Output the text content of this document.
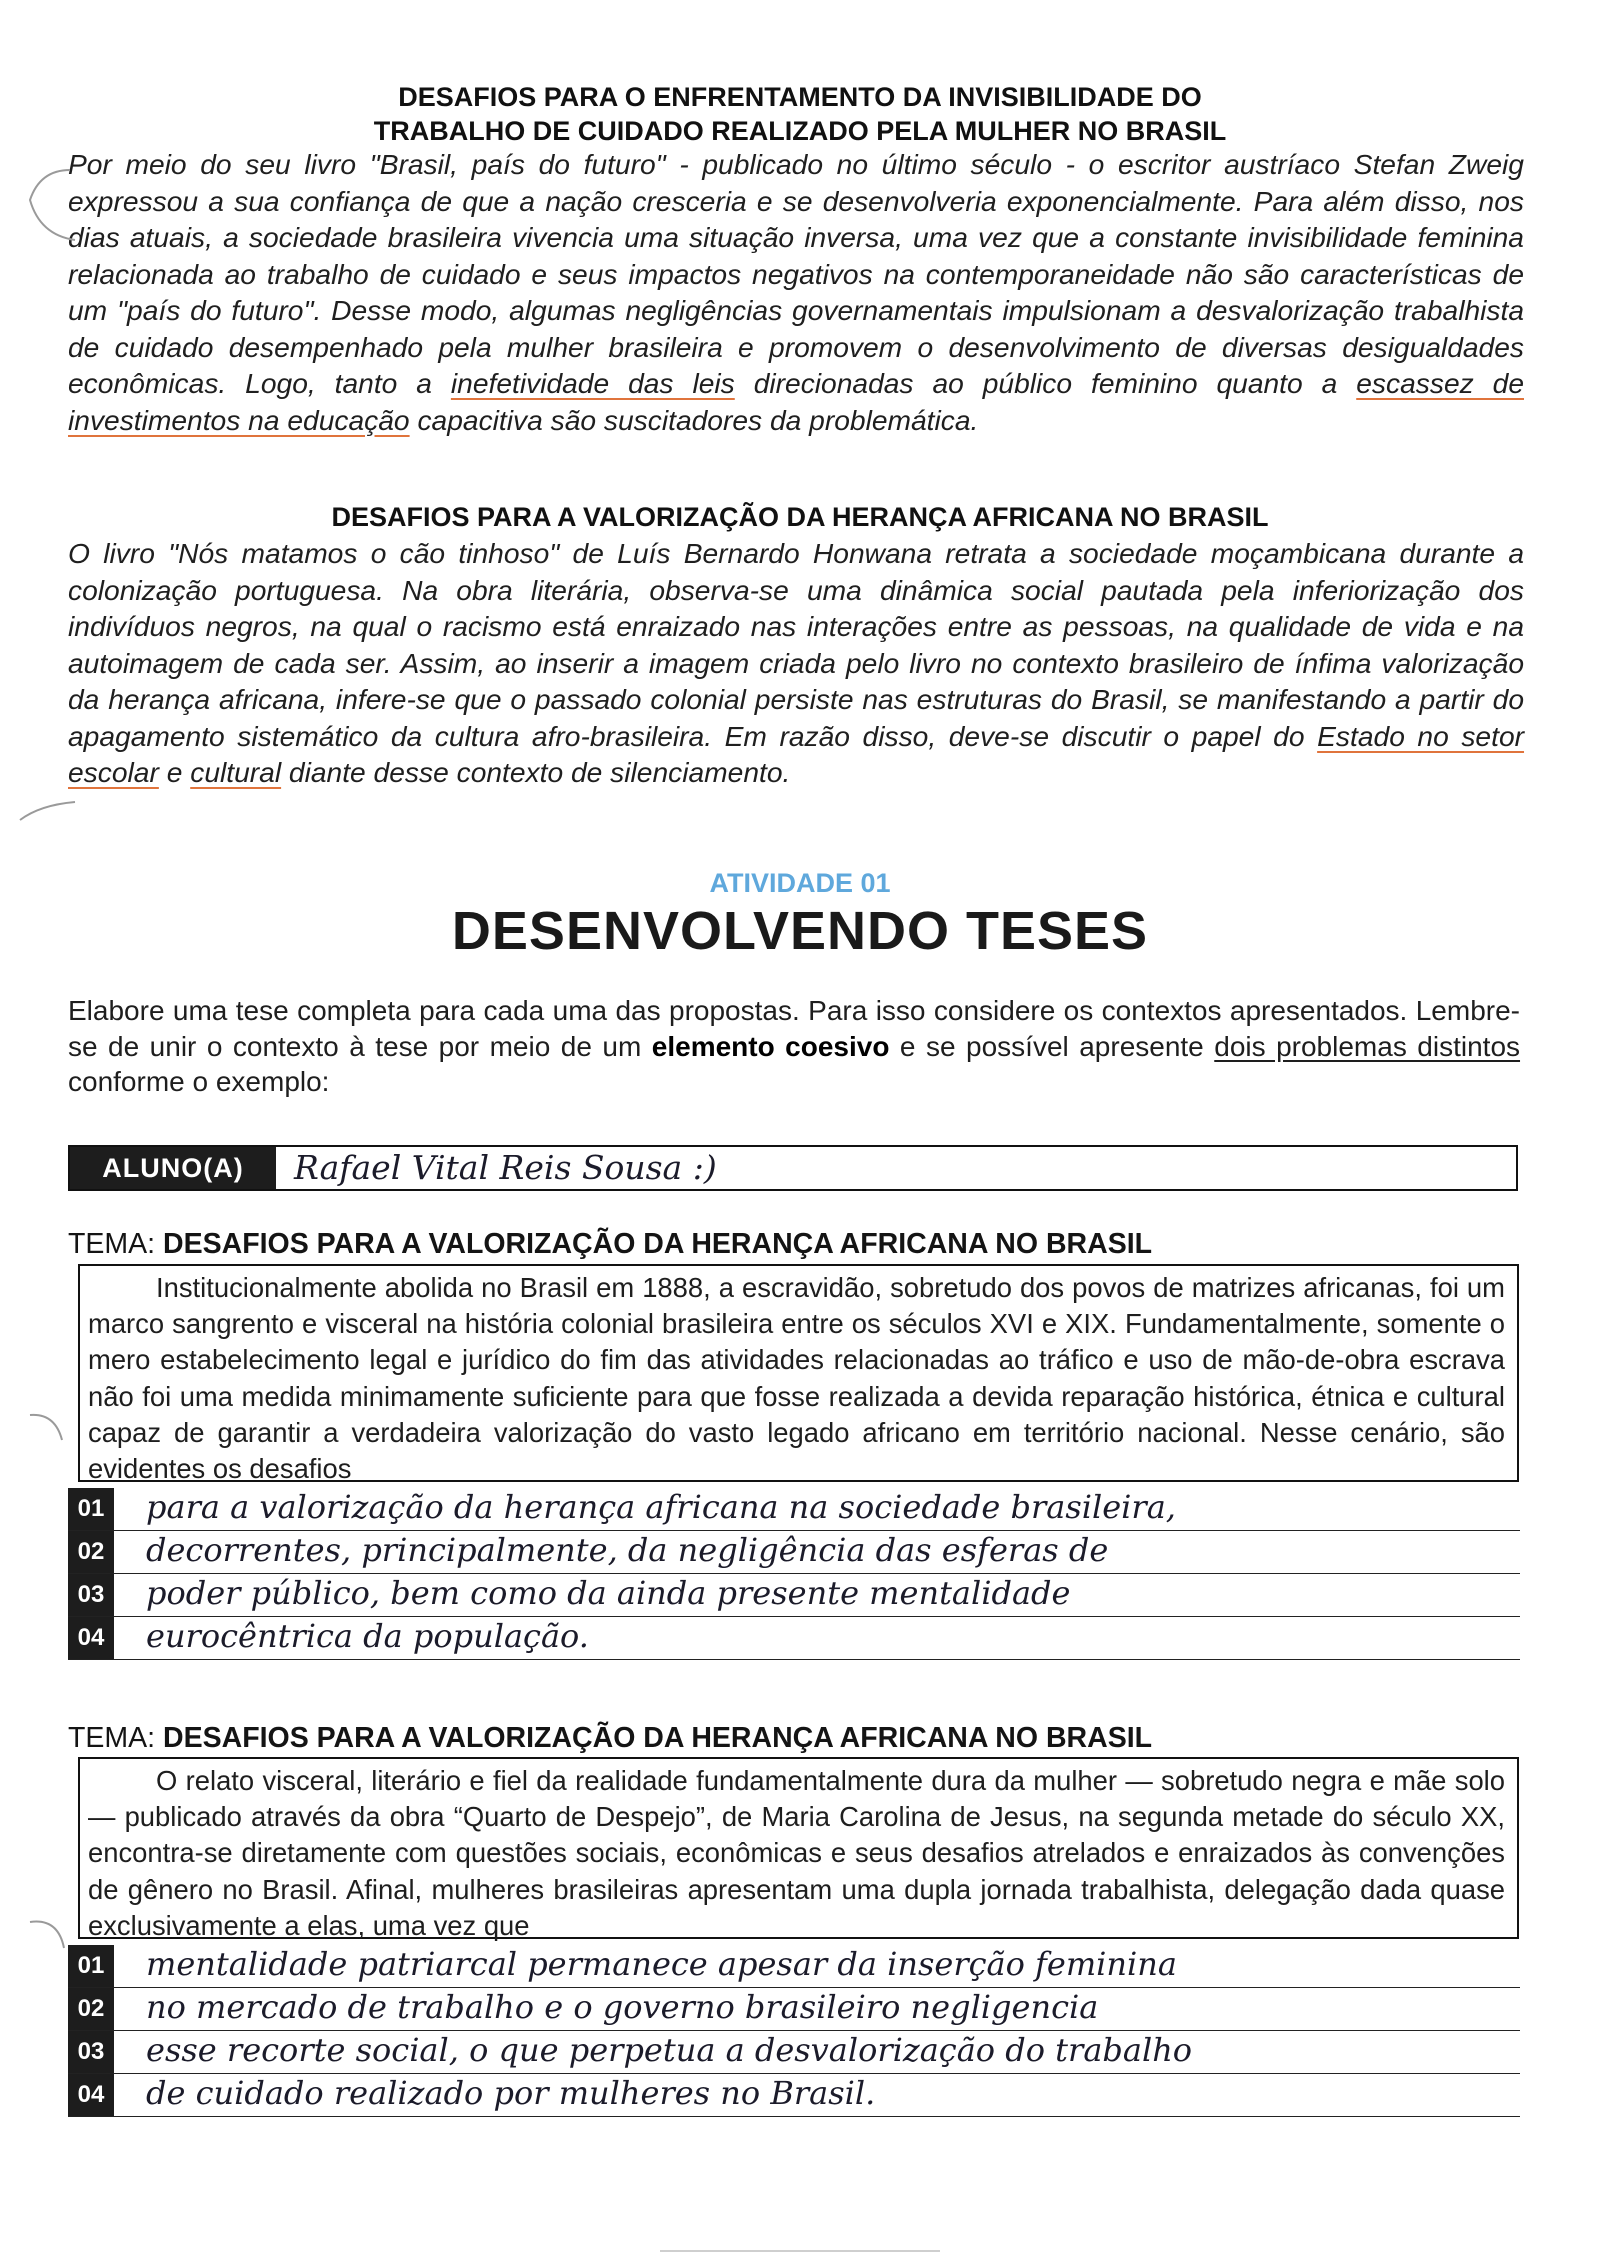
DESAFIOS PARA O ENFRENTAMENTO DA INVISIBILIDADE DO
TRABALHO DE CUIDADO REALIZADO PELA MULHER NO BRASIL
Por meio do seu livro "Brasil, país do futuro" - publicado no último século - o escritor austríaco Stefan Zweig expressou a sua confiança de que a nação cresceria e se desenvolveria exponencialmente. Para além disso, nos dias atuais, a sociedade brasileira vivencia uma situação inversa, uma vez que a constante invisibilidade feminina relacionada ao trabalho de cuidado e seus impactos negativos na contemporaneidade não são características de um "país do futuro". Desse modo, algumas negligências governamentais impulsionam a desvalorização trabalhista de cuidado desempenhado pela mulher brasileira e promovem o desenvolvimento de diversas desigualdades econômicas. Logo, tanto a inefetividade das leis direcionadas ao público feminino quanto a escassez de investimentos na educação capacitiva são suscitadores da problemática.
DESAFIOS PARA A VALORIZAÇÃO DA HERANÇA AFRICANA NO BRASIL
O livro "Nós matamos o cão tinhoso" de Luís Bernardo Honwana retrata a sociedade moçambicana durante a colonização portuguesa. Na obra literária, observa-se uma dinâmica social pautada pela inferiorização dos indivíduos negros, na qual o racismo está enraizado nas interações entre as pessoas, na qualidade de vida e na autoimagem de cada ser. Assim, ao inserir a imagem criada pelo livro no contexto brasileiro de ínfima valorização da herança africana, infere-se que o passado colonial persiste nas estruturas do Brasil, se manifestando a partir do apagamento sistemático da cultura afro-brasileira. Em razão disso, deve-se discutir o papel do Estado no setor escolar e cultural diante desse contexto de silenciamento.
ATIVIDADE 01
DESENVOLVENDO TESES
Elabore uma tese completa para cada uma das propostas. Para isso considere os contextos apresentados. Lembre-se de unir o contexto à tese por meio de um elemento coesivo e se possível apresente dois problemas distintos conforme o exemplo:
ALUNO(A)	Rafael Vital Reis Sousa :)
TEMA: DESAFIOS PARA A VALORIZAÇÃO DA HERANÇA AFRICANA NO BRASIL
Institucionalmente abolida no Brasil em 1888, a escravidão, sobretudo dos povos de matrizes africanas, foi um marco sangrento e visceral na história colonial brasileira entre os séculos XVI e XIX. Fundamentalmente, somente o mero estabelecimento legal e jurídico do fim das atividades relacionadas ao tráfico e uso de mão-de-obra escrava não foi uma medida minimamente suficiente para que fosse realizada a devida reparação histórica, étnica e cultural capaz de garantir a verdadeira valorização do vasto legado africano em território nacional. Nesse cenário, são evidentes os desafios
01	para a valorização da herança africana na sociedade brasileira,
02	decorrentes, principalmente, da negligência das esferas de
03	poder público, bem como da ainda presente mentalidade
04	eurocêntrica da população.
TEMA: DESAFIOS PARA A VALORIZAÇÃO DA HERANÇA AFRICANA NO BRASIL
O relato visceral, literário e fiel da realidade fundamentalmente dura da mulher — sobretudo negra e mãe solo — publicado através da obra “Quarto de Despejo”, de Maria Carolina de Jesus, na segunda metade do século XX, encontra-se diretamente com questões sociais, econômicas e seus desafios atrelados e enraizados às convenções de gênero no Brasil. Afinal, mulheres brasileiras apresentam uma dupla jornada trabalhista, delegação dada quase exclusivamente a elas, uma vez que
01	mentalidade patriarcal permanece apesar da inserção feminina
02	no mercado de trabalho e o governo brasileiro negligencia
03	esse recorte social, o que perpetua a desvalorização do trabalho
04	de cuidado realizado por mulheres no Brasil.
